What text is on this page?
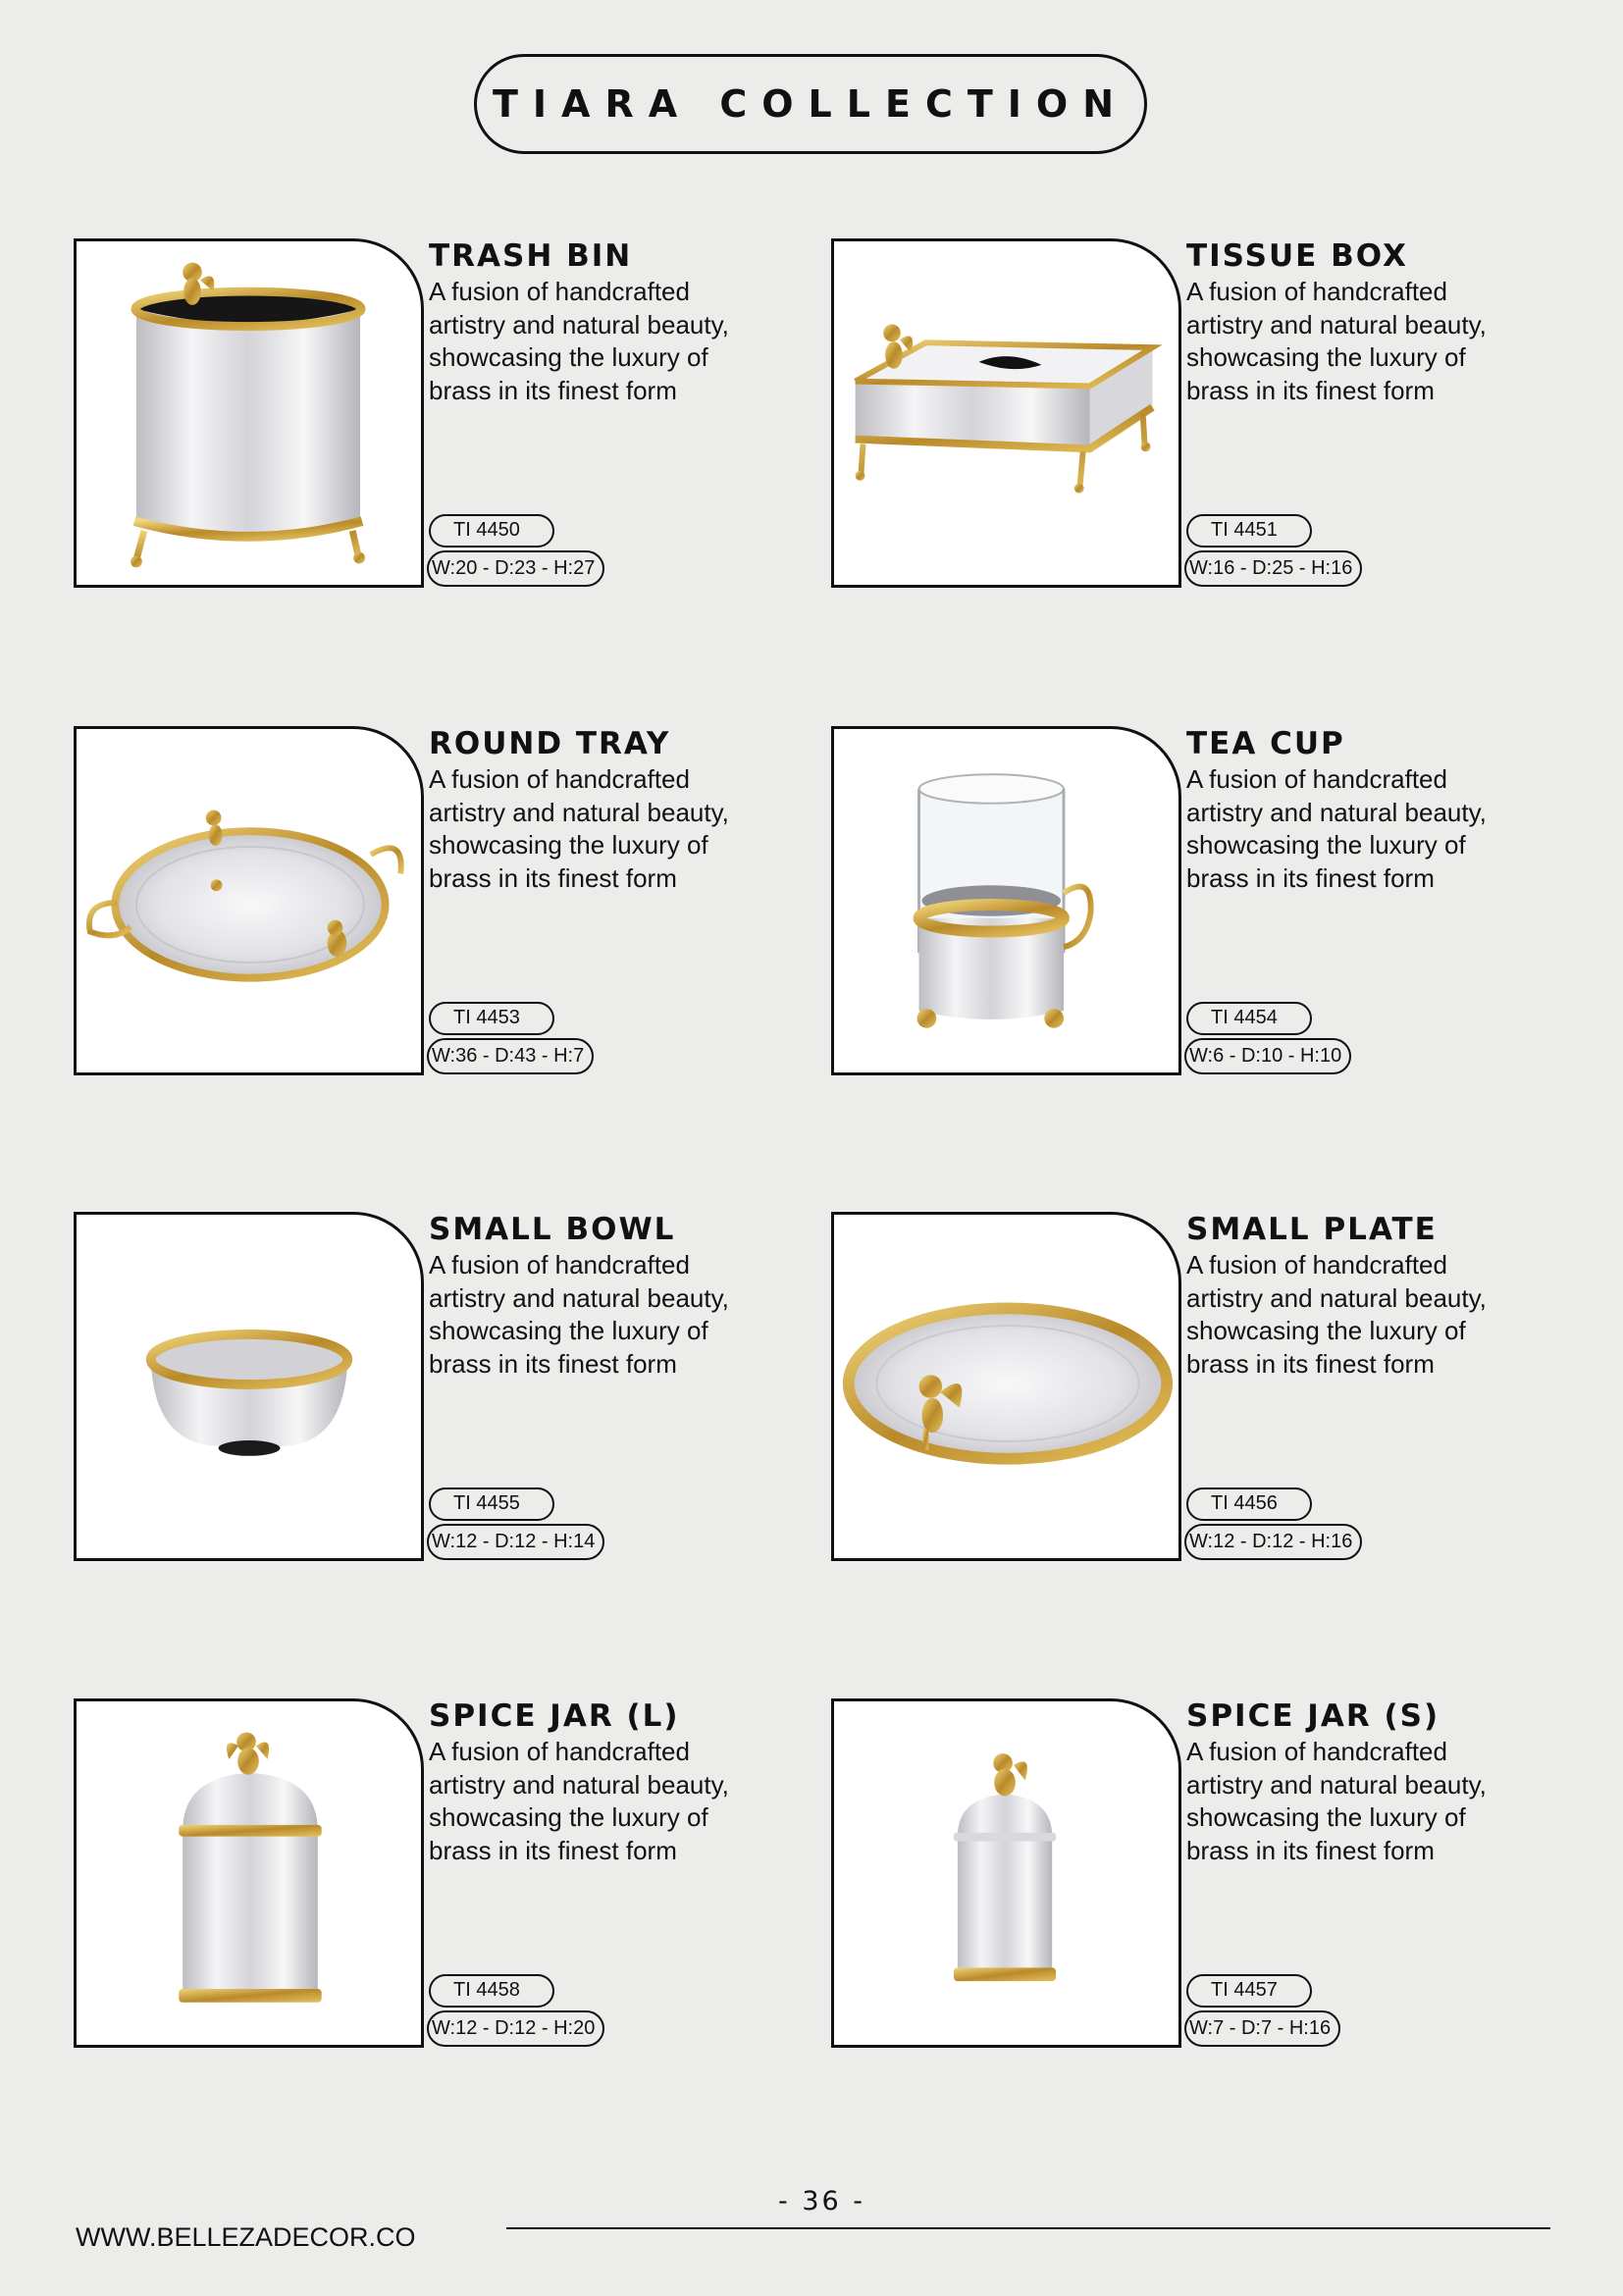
TIARA COLLECTION
TRASH BIN
A fusion of handcrafted artistry and natural beauty, showcasing the luxury of brass in its finest form
TI 4450
W:20 - D:23 - H:27
TISSUE BOX
A fusion of handcrafted artistry and natural beauty, showcasing the luxury of brass in its finest form
TI 4451
W:16 - D:25 - H:16
ROUND TRAY
A fusion of handcrafted artistry and natural beauty, showcasing the luxury of brass in its finest form
TI 4453
W:36 - D:43 - H:7
TEA CUP
A fusion of handcrafted artistry and natural beauty, showcasing the luxury of brass in its finest form
TI 4454
W:6 - D:10 - H:10
SMALL BOWL
A fusion of handcrafted artistry and natural beauty, showcasing the luxury of brass in its finest form
TI 4455
W:12 - D:12 - H:14
SMALL PLATE
A fusion of handcrafted artistry and natural beauty, showcasing the luxury of brass in its finest form
TI 4456
W:12 - D:12 - H:16
SPICE JAR (L)
A fusion of handcrafted artistry and natural beauty, showcasing the luxury of brass in its finest form
TI 4458
W:12 - D:12 - H:20
SPICE JAR (S)
A fusion of handcrafted artistry and natural beauty, showcasing the luxury of brass in its finest form
TI 4457
W:7 - D:7 - H:16
- 36 -
WWW.BELLEZADECOR.CO
